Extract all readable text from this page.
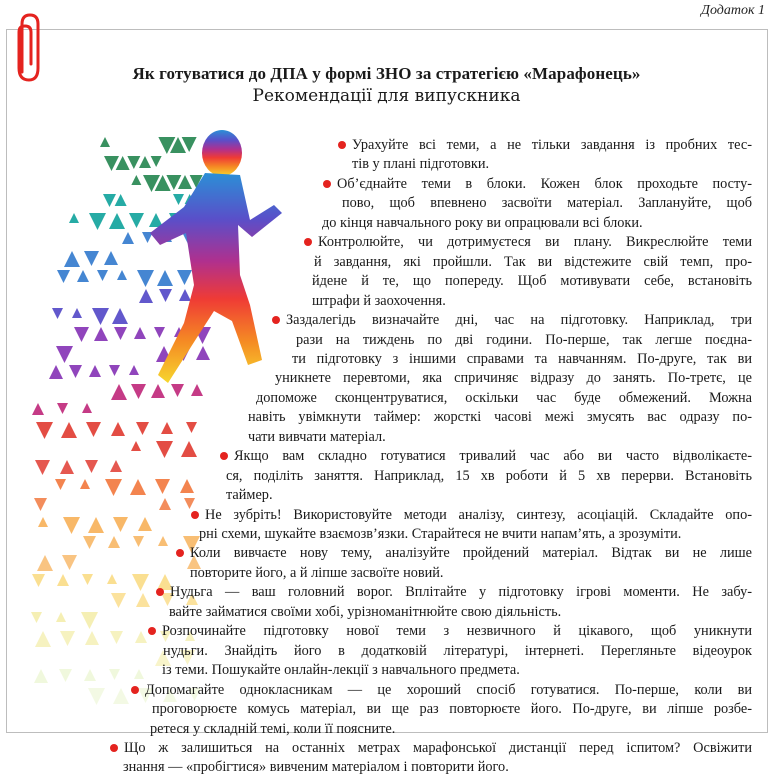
Додаток 1
Як готуватися до ДПА у формі ЗНО за стратегією «Марафонець»
Рекомендації для випускника
Урахуйте всі теми, а не тільки завдання із пробних тес-
тів у плані підготовки.
Об’єднайте теми в блоки. Кожен блок проходьте посту-
пово, щоб впевнено засвоїти матеріал. Заплануйте, щоб
до кінця навчального року ви опрацювали всі блоки.
Контролюйте, чи дотримуєтеся ви плану. Викреслюйте теми
й завдання, які пройшли. Так ви відстежите свій темп, про-
йдене й те, що попереду. Щоб мотивувати себе, встановіть
штрафи й заохочення.
Заздалегідь визначайте дні, час на підготовку. Наприклад, три
рази на тиждень по дві години. По-перше, так легше поєдна-
ти підготовку з іншими справами та навчанням. По-друге, так ви
уникнете перевтоми, яка спричиняє відразу до занять. По-третє, це
допоможе сконцентруватися, оскільки час буде обмежений. Можна
навіть увімкнути таймер: жорсткі часові межі змусять вас одразу по-
чати вивчати матеріал.
Якщо вам складно готуватися тривалий час або ви часто відволікаєте-
ся, поділіть заняття. Наприклад, 15 хв роботи й 5 хв перерви. Встановіть
таймер.
Не зубріть! Використовуйте методи аналізу, синтезу, асоціацій. Складайте опо-
рні схеми, шукайте взаємозв’язки. Старайтеся не вчити напам’ять, а зрозуміти.
Коли вивчаєте нову тему, аналізуйте пройдений матеріал. Відтак ви не лише
повторите його, а й ліпше засвоїте новий.
Нудьга — ваш головний ворог. Вплітайте у підготовку ігрові моменти. Не забу-
вайте займатися своїми хобі, урізноманітнюйте свою діяльність.
Розпочинайте підготовку нової теми з незвичного й цікавого, щоб уникнути
нудьги. Знайдіть його в додатковій літературі, інтернеті. Перегляньте відеоурок
із теми. Пошукайте онлайн-лекції з навчального предмета.
Допомагайте однокласникам — це хороший спосіб готуватися. По-перше, коли ви
проговорюєте комусь матеріал, ви ще раз повторюєте його. По-друге, ви ліпше розбе-
ретеся у складній темі, коли її поясните.
Що ж залишиться на останніх метрах марафонської дистанції перед іспитом? Освіжити
знання — «пробігтися» вивченим матеріалом і повторити його.
